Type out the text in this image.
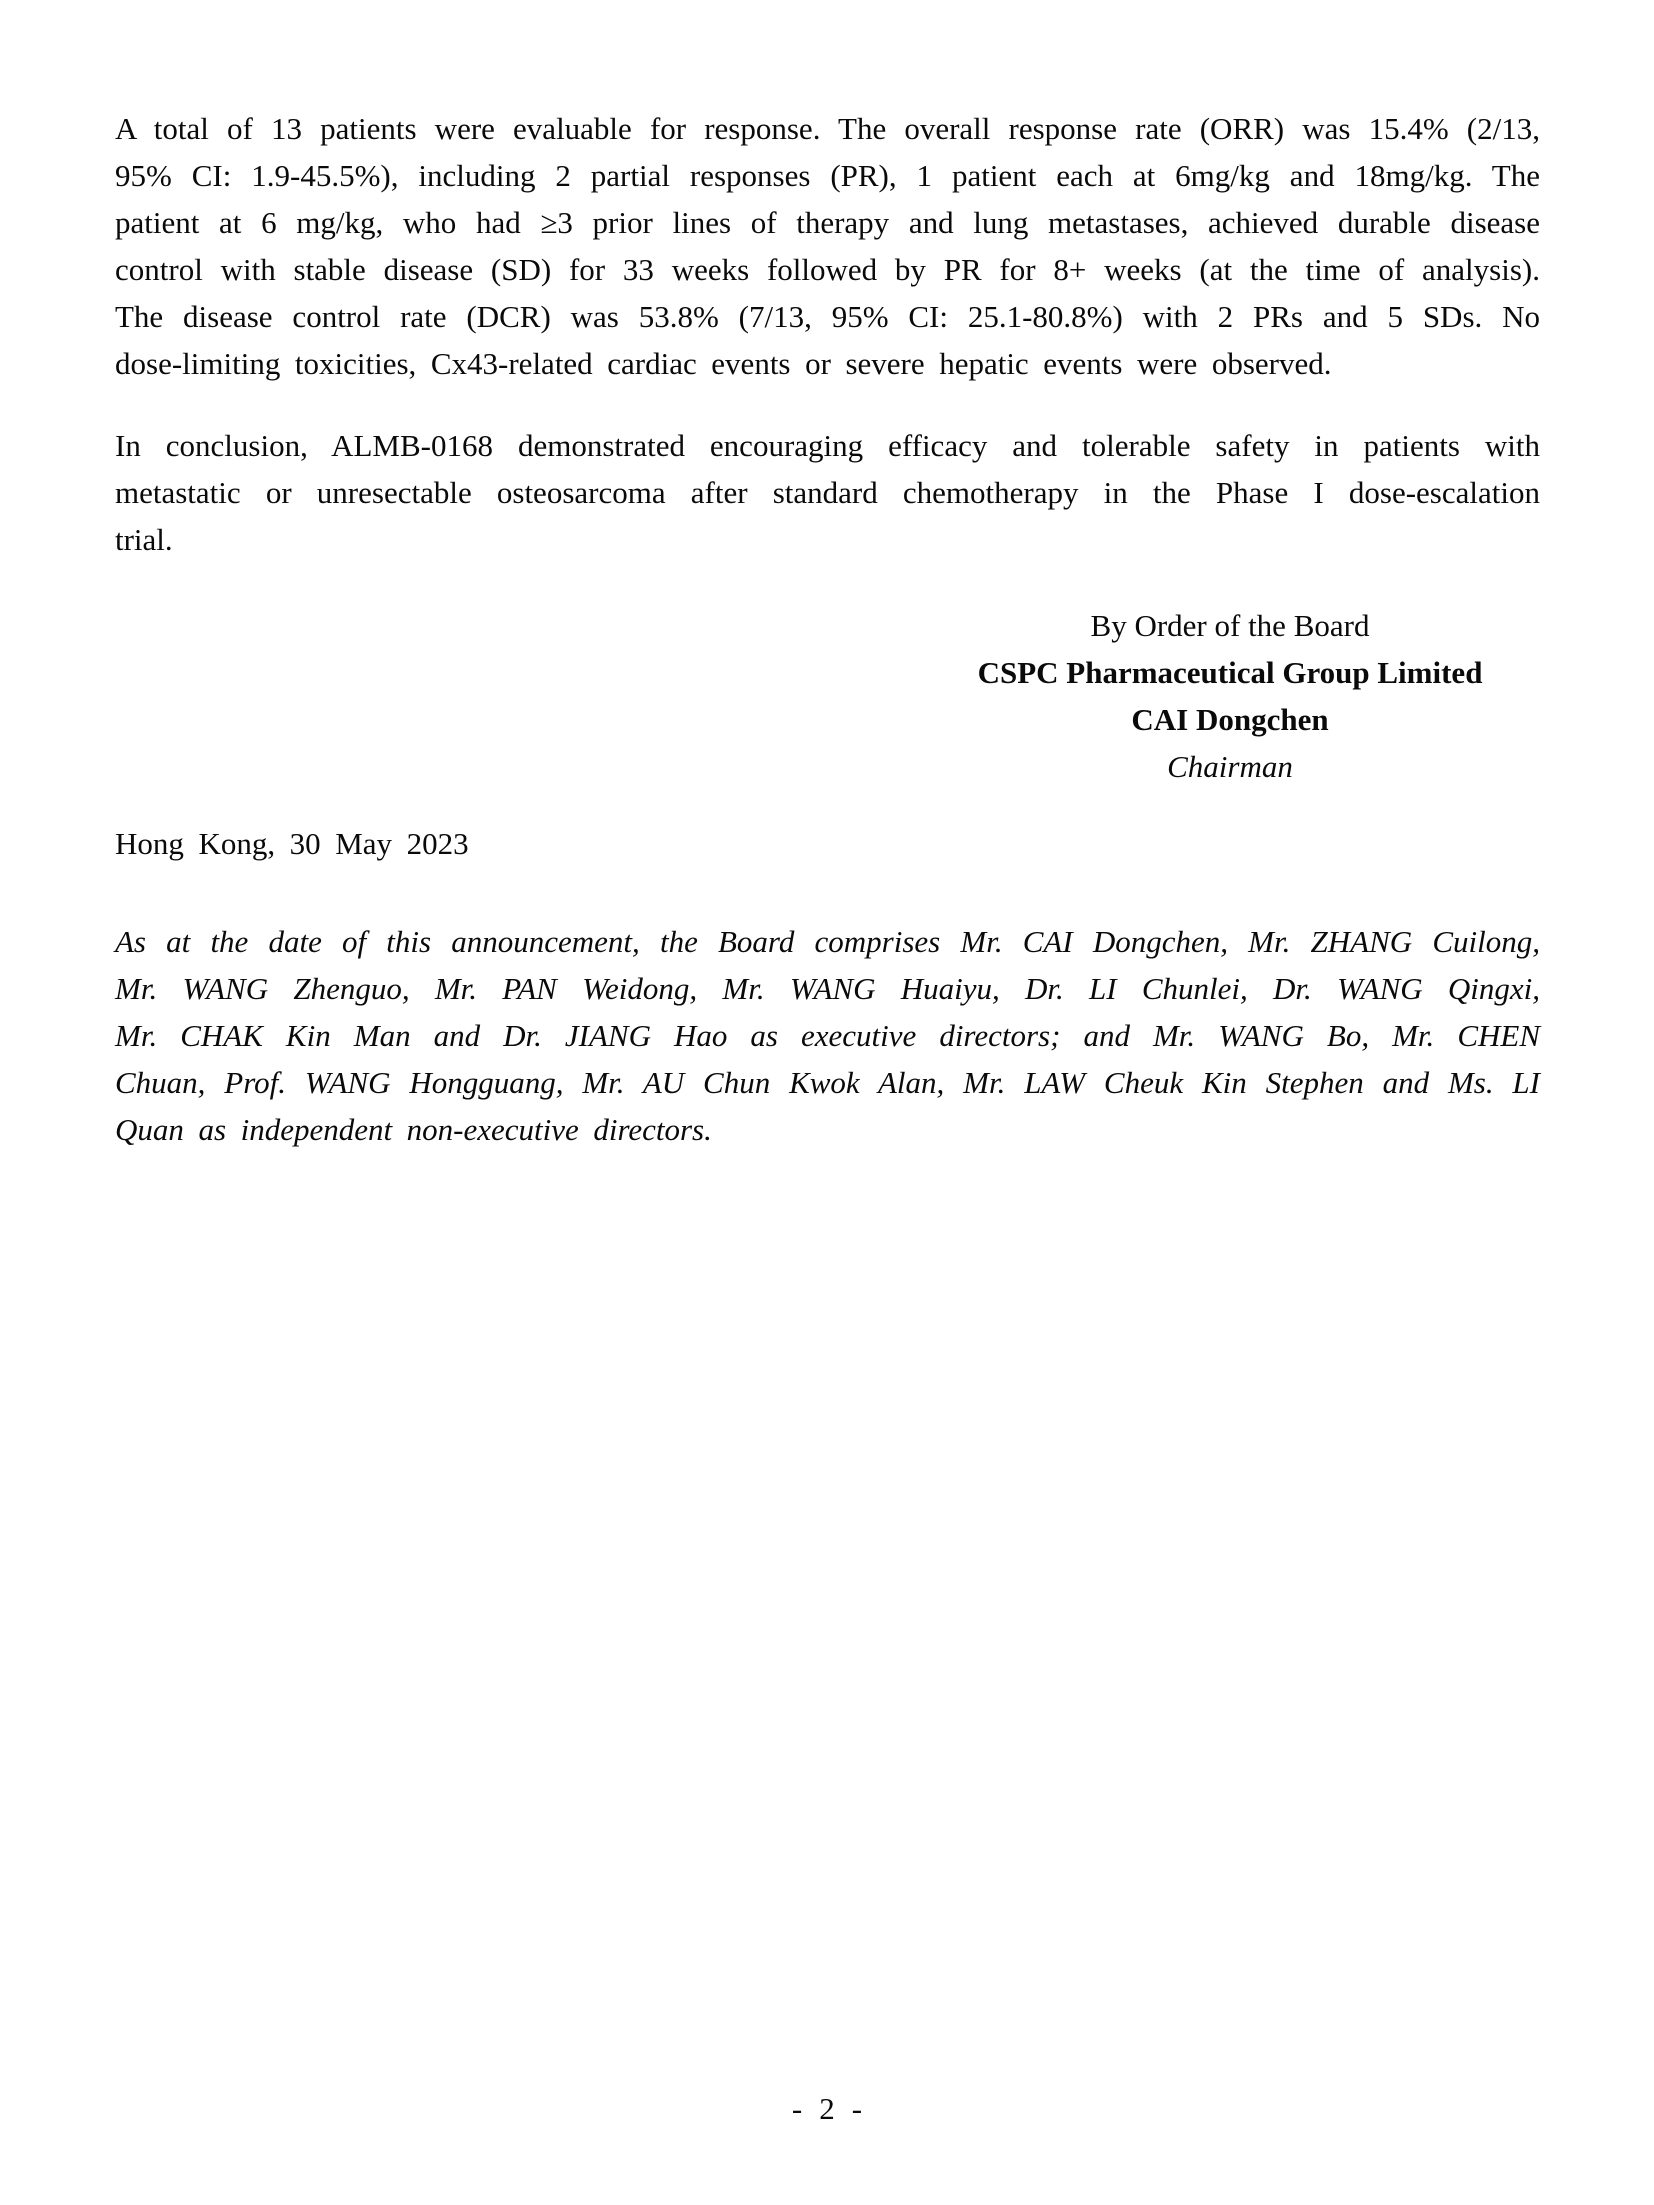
A total of 13 patients were evaluable for response. The overall response rate (ORR) was 15.4% (2/13,
95% CI: 1.9-45.5%), including 2 partial responses (PR), 1 patient each at 6mg/kg and 18mg/kg. The
patient at 6 mg/kg, who had ≥3 prior lines of therapy and lung metastases, achieved durable disease
control with stable disease (SD) for 33 weeks followed by PR for 8+ weeks (at the time of analysis).
The disease control rate (DCR) was 53.8% (7/13, 95% CI: 25.1-80.8%) with 2 PRs and 5 SDs. No
dose-limiting toxicities, Cx43-related cardiac events or severe hepatic events were observed.
In conclusion, ALMB-0168 demonstrated encouraging efficacy and tolerable safety in patients with
metastatic or unresectable osteosarcoma after standard chemotherapy in the Phase I dose-escalation
trial.
By Order of the Board
CSPC Pharmaceutical Group Limited
CAI Dongchen
Chairman
Hong Kong, 30 May 2023
As at the date of this announcement, the Board comprises Mr. CAI Dongchen, Mr. ZHANG Cuilong,
Mr. WANG Zhenguo, Mr. PAN Weidong, Mr. WANG Huaiyu, Dr. LI Chunlei, Dr. WANG Qingxi,
Mr. CHAK Kin Man and Dr. JIANG Hao as executive directors; and Mr. WANG Bo, Mr. CHEN
Chuan, Prof. WANG Hongguang, Mr. AU Chun Kwok Alan, Mr. LAW Cheuk Kin Stephen and Ms. LI
Quan as independent non-executive directors.
- 2 -
